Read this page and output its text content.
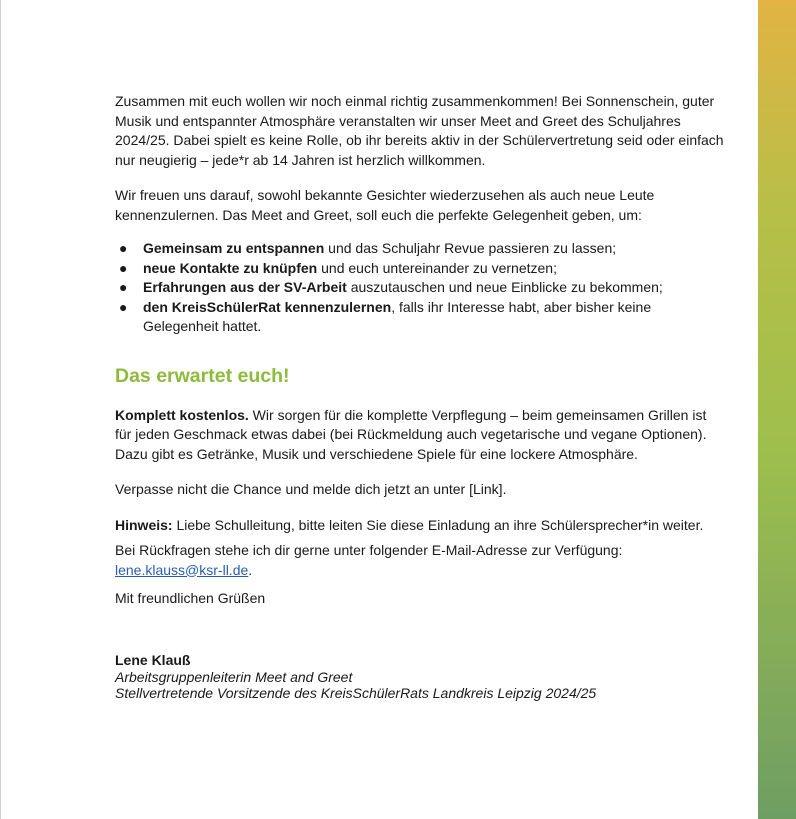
Zusammen mit euch wollen wir noch einmal richtig zusammenkommen! Bei Sonnenschein, guter Musik und entspannter Atmosphäre veranstalten wir unser Meet and Greet des Schuljahres 2024/25. Dabei spielt es keine Rolle, ob ihr bereits aktiv in der Schülervertretung seid oder einfach nur neugierig – jede*r ab 14 Jahren ist herzlich willkommen.

Wir freuen uns darauf, sowohl bekannte Gesichter wiederzusehen als auch neue Leute kennenzulernen. Das Meet and Greet, soll euch die perfekte Gelegenheit geben, um:

● Gemeinsam zu entspannen und das Schuljahr Revue passieren zu lassen;
● neue Kontakte zu knüpfen und euch untereinander zu vernetzen;
● Erfahrungen aus der SV-Arbeit auszutauschen und neue Einblicke zu bekommen;
● den KreisSchülerRat kennenzulernen, falls ihr Interesse habt, aber bisher keine Gelegenheit hattet.

Das erwartet euch!

Komplett kostenlos. Wir sorgen für die komplette Verpflegung – beim gemeinsamen Grillen ist für jeden Geschmack etwas dabei (bei Rückmeldung auch vegetarische und vegane Optionen). Dazu gibt es Getränke, Musik und verschiedene Spiele für eine lockere Atmosphäre.

Verpasse nicht die Chance und melde dich jetzt an unter [Link].

Hinweis: Liebe Schulleitung, bitte leiten Sie diese Einladung an ihre Schülersprecher*in weiter.

Bei Rückfragen stehe ich dir gerne unter folgender E-Mail-Adresse zur Verfügung: lene.klauss@ksr-ll.de.

Mit freundlichen Grüßen

Lene Klauß

Arbeitsgruppenleiterin Meet and Greet

Stellvertretende Vorsitzende des KreisSchülerRats Landkreis Leipzig 2024/25
